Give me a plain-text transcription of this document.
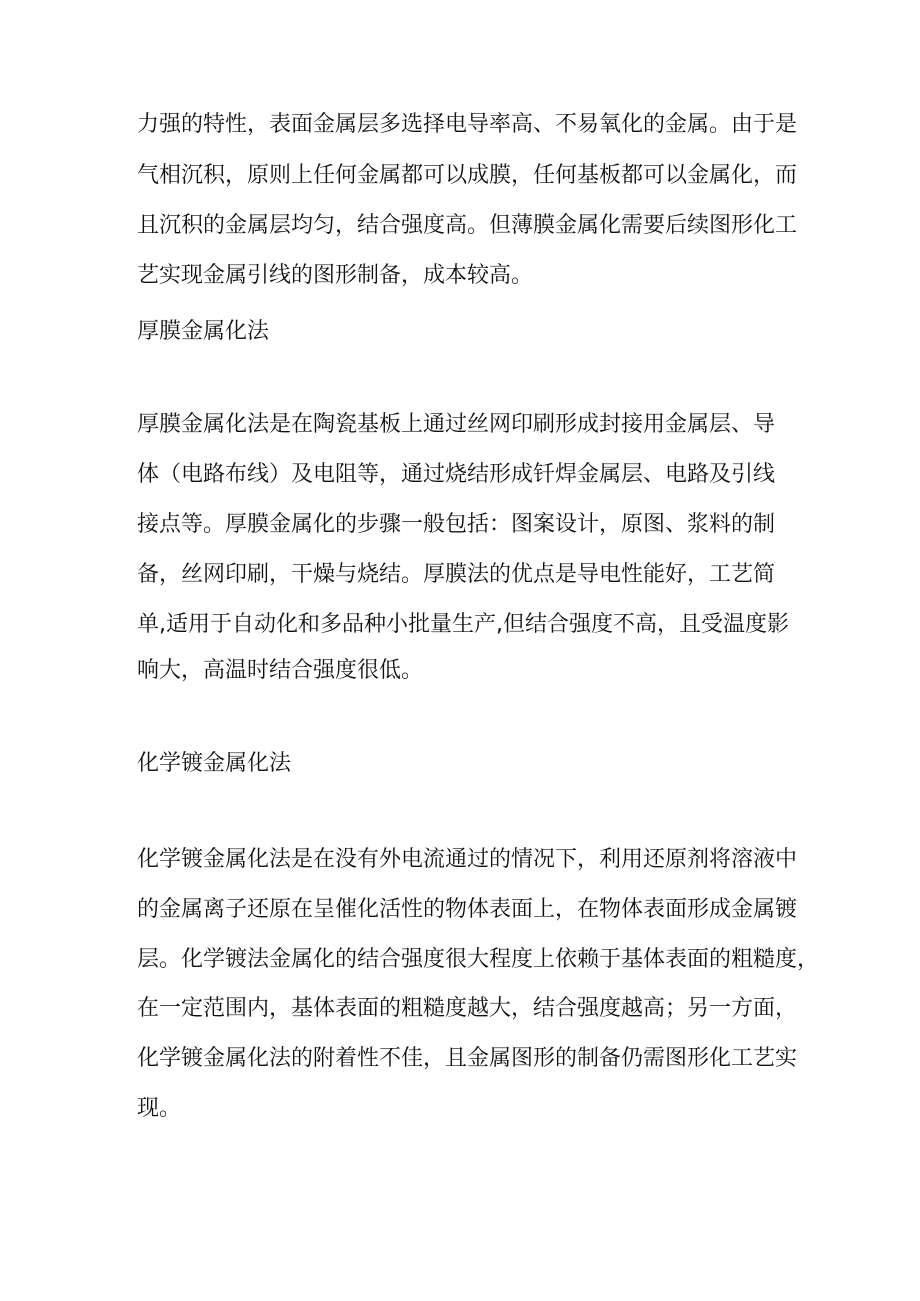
力强的特性，表面金属层多选择电导率高、不易氧化的金属。由于是
气相沉积，原则上任何金属都可以成膜，任何基板都可以金属化，而
且沉积的金属层均匀，结合强度高。但薄膜金属化需要后续图形化工
艺实现金属引线的图形制备，成本较高。
厚膜金属化法
厚膜金属化法是在陶瓷基板上通过丝网印刷形成封接用金属层、导
体（电路布线）及电阻等，通过烧结形成钎焊金属层、电路及引线
接点等。厚膜金属化的步骤一般包括：图案设计，原图、浆料的制
备，丝网印刷，干燥与烧结。厚膜法的优点是导电性能好，工艺简
单,适用于自动化和多品种小批量生产,但结合强度不高，且受温度影
响大，高温时结合强度很低。
化学镀金属化法
化学镀金属化法是在没有外电流通过的情况下，利用还原剂将溶液中
的金属离子还原在呈催化活性的物体表面上，在物体表面形成金属镀
层。化学镀法金属化的结合强度很大程度上依赖于基体表面的粗糙度，
在一定范围内，基体表面的粗糙度越大，结合强度越高；另一方面，
化学镀金属化法的附着性不佳，且金属图形的制备仍需图形化工艺实
现。
